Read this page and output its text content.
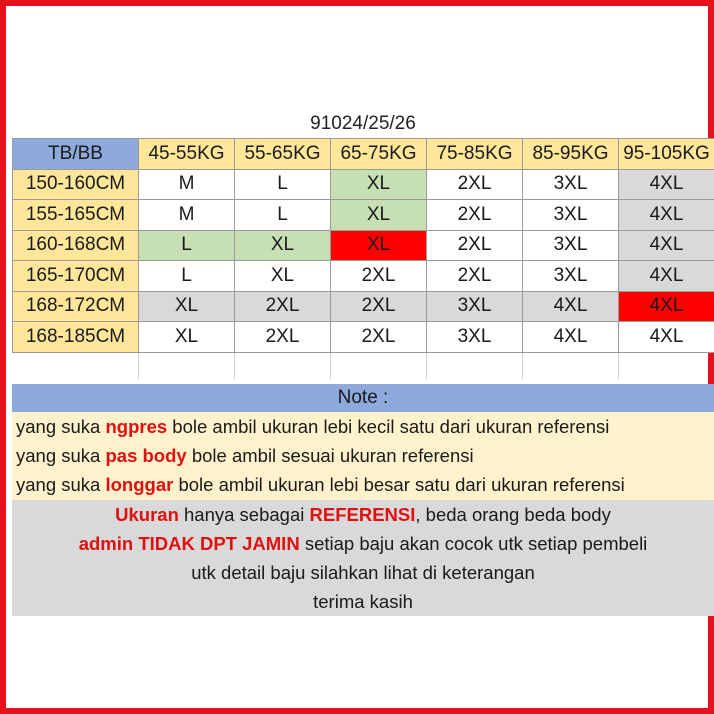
91024/25/26
TB/BB	45-55KG	55-65KG	65-75KG	75-85KG	85-95KG	95-105KG
150-160CM	M	L	XL	2XL	3XL	4XL
155-165CM	M	L	XL	2XL	3XL	4XL
160-168CM	L	XL	XL	2XL	3XL	4XL
165-170CM	L	XL	2XL	2XL	3XL	4XL
168-172CM	XL	2XL	2XL	3XL	4XL	4XL
168-185CM	XL	2XL	2XL	3XL	4XL	4XL

Note :
yang suka ngpres bole ambil ukuran lebi kecil satu dari ukuran referensi
yang suka pas body bole ambil sesuai ukuran referensi
yang suka longgar bole ambil ukuran lebi besar satu dari ukuran referensi
Ukuran hanya sebagai REFERENSI, beda orang beda body
admin TIDAK DPT JAMIN setiap baju akan cocok utk setiap pembeli
utk detail baju silahkan lihat di keterangan
terima kasih
